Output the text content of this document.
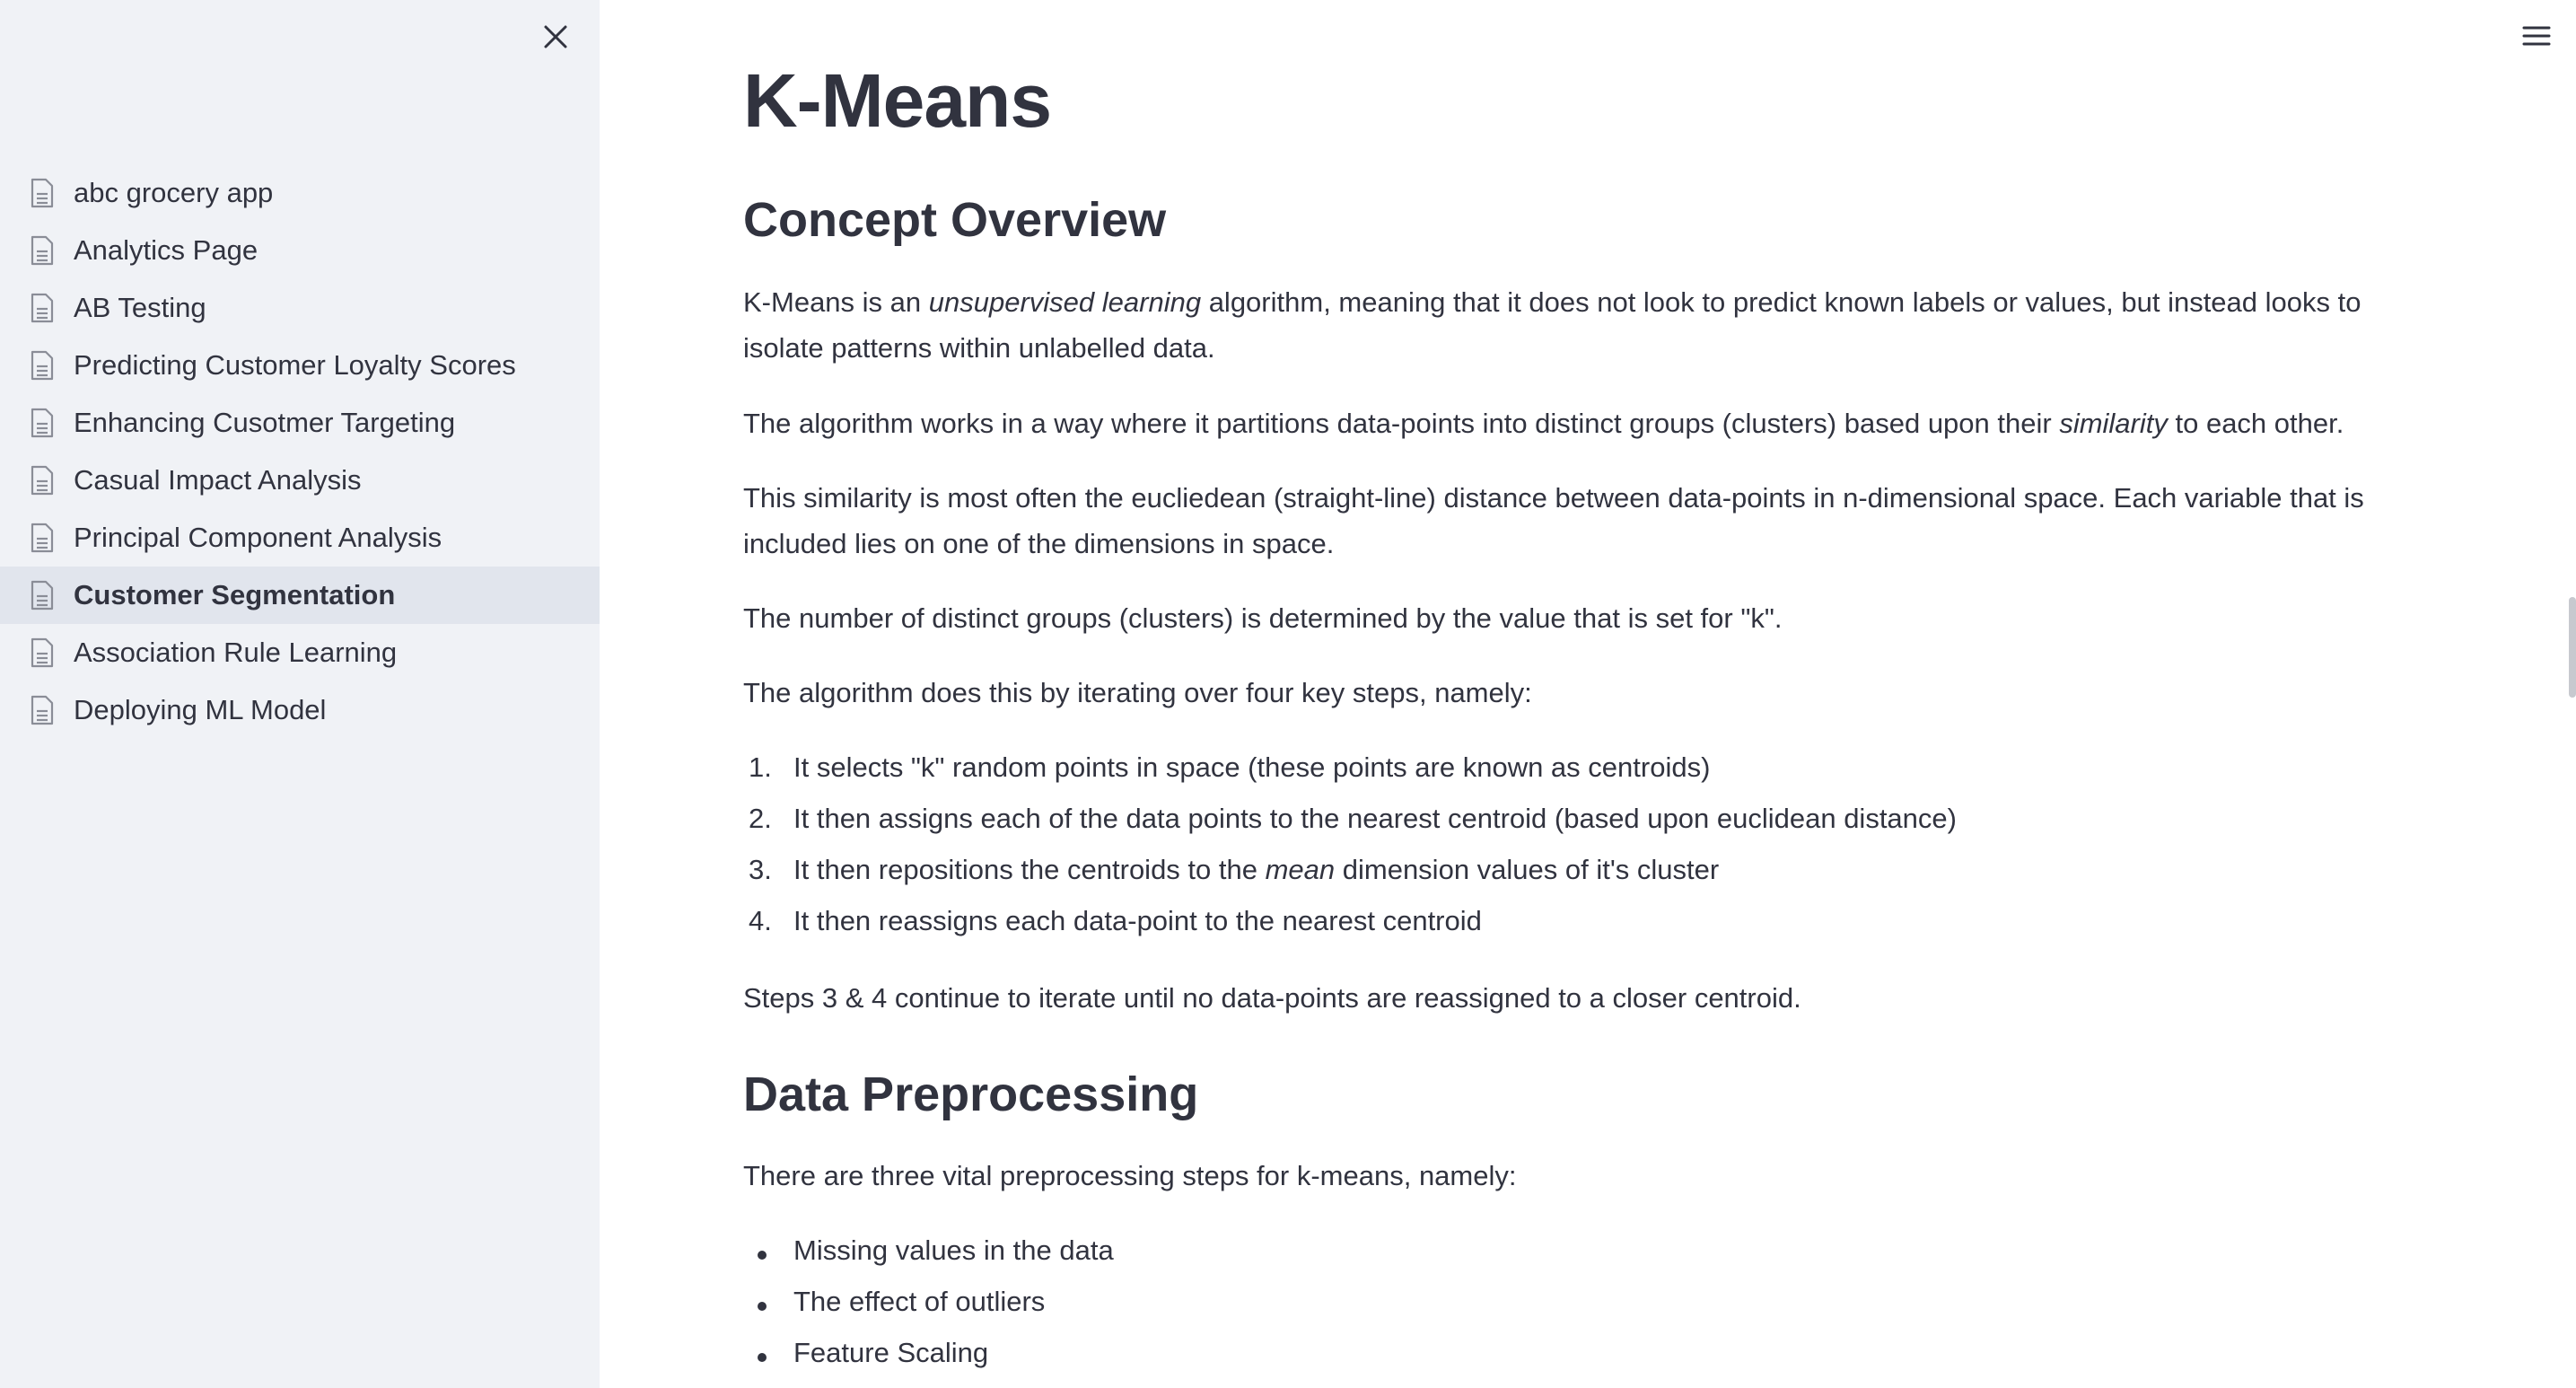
abc grocery app
Analytics Page
AB Testing
Predicting Customer Loyalty Scores
Enhancing Cusotmer Targeting
Casual Impact Analysis
Principal Component Analysis
Customer Segmentation
Association Rule Learning
Deploying ML Model
K-Means
Concept Overview

K-Means is an unsupervised learning algorithm, meaning that it does not look to predict known labels or values, but instead looks to isolate patterns within unlabelled data.

The algorithm works in a way where it partitions data-points into distinct groups (clusters) based upon their similarity to each other.

This similarity is most often the eucliedean (straight-line) distance between data-points in n-dimensional space. Each variable that is included lies on one of the dimensions in space.

The number of distinct groups (clusters) is determined by the value that is set for "k".

The algorithm does this by iterating over four key steps, namely:

1. It selects "k" random points in space (these points are known as centroids)
2. It then assigns each of the data points to the nearest centroid (based upon euclidean distance)
3. It then repositions the centroids to the mean dimension values of it's cluster
4. It then reassigns each data-point to the nearest centroid

Steps 3 & 4 continue to iterate until no data-points are reassigned to a closer centroid.

Data Preprocessing

There are three vital preprocessing steps for k-means, namely:

Missing values in the data
The effect of outliers
Feature Scaling
